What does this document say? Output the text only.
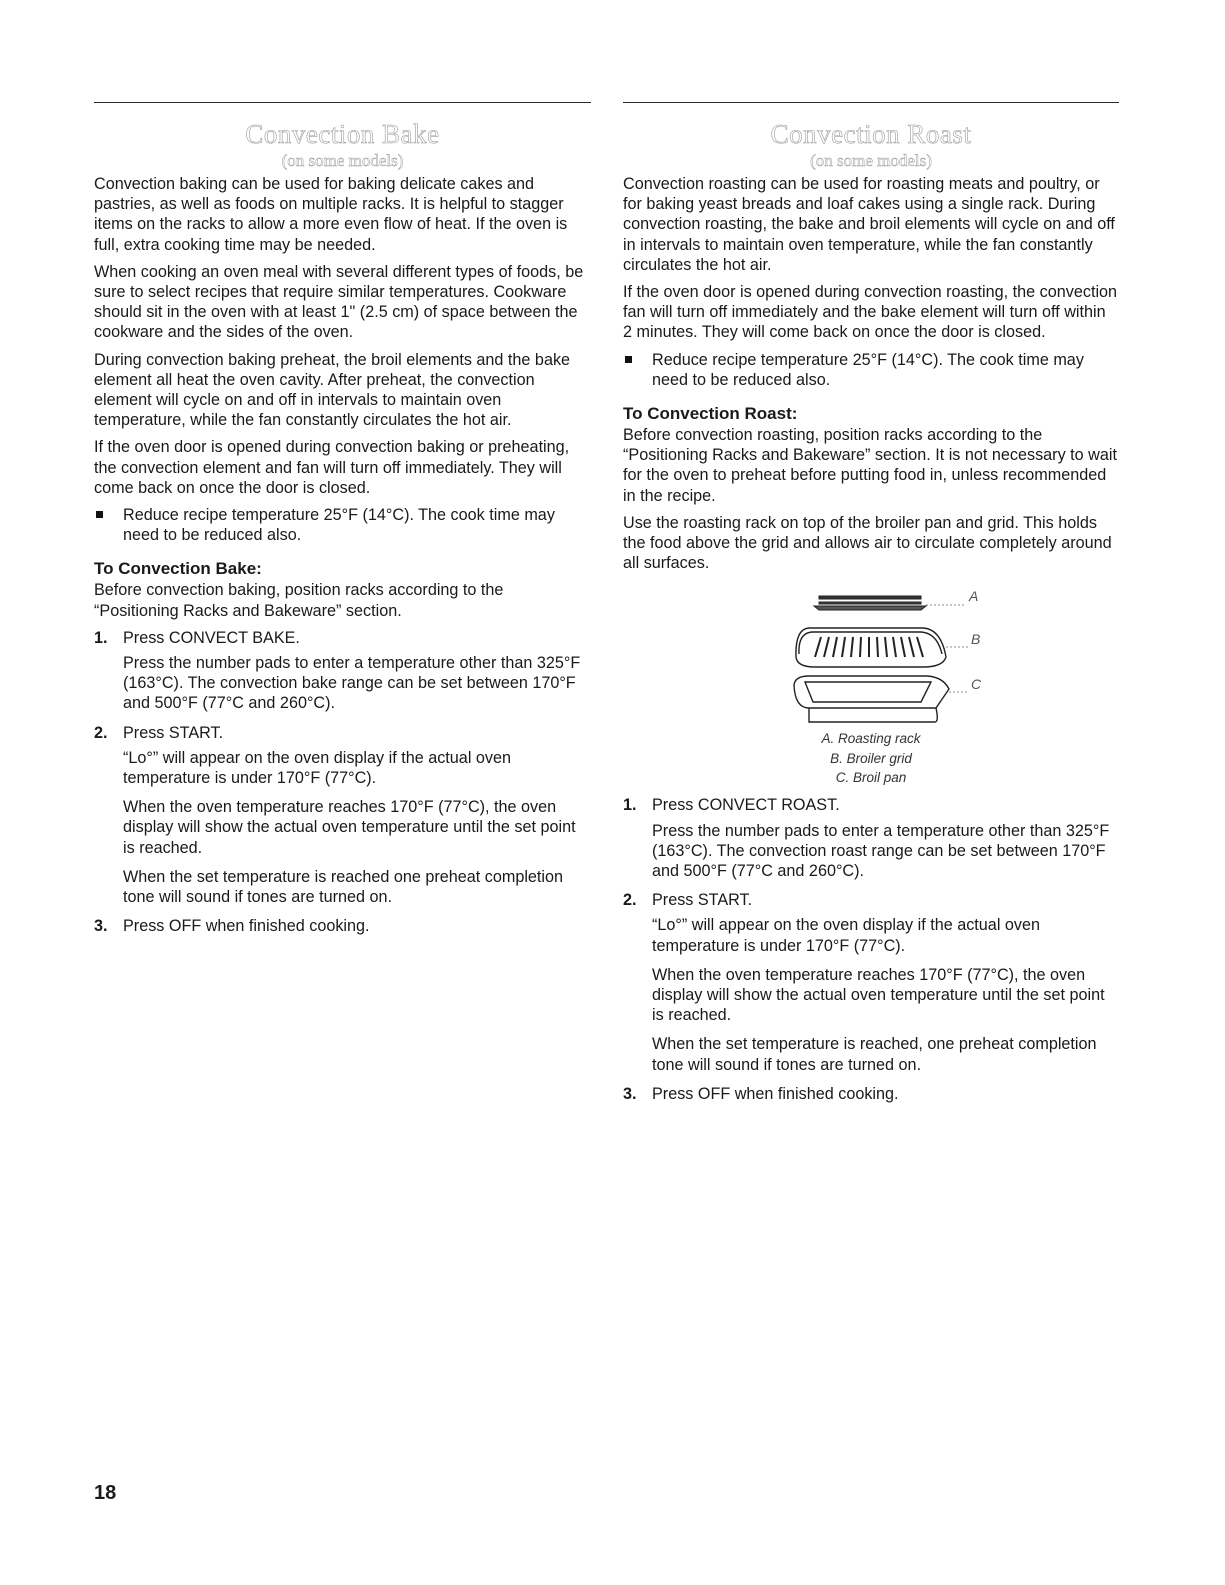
Convection Bake
(on some models)

Convection baking can be used for baking delicate cakes and pastries, as well as foods on multiple racks. It is helpful to stagger items on the racks to allow a more even flow of heat. If the oven is full, extra cooking time may be needed.

When cooking an oven meal with several different types of foods, be sure to select recipes that require similar temperatures. Cookware should sit in the oven with at least 1" (2.5 cm) of space between the cookware and the sides of the oven.

During convection baking preheat, the broil elements and the bake element all heat the oven cavity. After preheat, the convection element will cycle on and off in intervals to maintain oven temperature, while the fan constantly circulates the hot air.

If the oven door is opened during convection baking or preheating, the convection element and fan will turn off immediately. They will come back on once the door is closed.

Reduce recipe temperature 25°F (14°C). The cook time may need to be reduced also.
To Convection Bake:

Before convection baking, position racks according to the “Positioning Racks and Bakeware” section.

1. Press CONVECT BAKE.

Press the number pads to enter a temperature other than 325°F (163°C). The convection bake range can be set between 170°F and 500°F (77°C and 260°C).

2. Press START.

“Lo°” will appear on the oven display if the actual oven temperature is under 170°F (77°C).

When the oven temperature reaches 170°F (77°C), the oven display will show the actual oven temperature until the set point is reached.

When the set temperature is reached one preheat completion tone will sound if tones are turned on.

3. Press OFF when finished cooking.
Convection Roast
(on some models)

Convection roasting can be used for roasting meats and poultry, or for baking yeast breads and loaf cakes using a single rack. During convection roasting, the bake and broil elements will cycle on and off in intervals to maintain oven temperature, while the fan constantly circulates the hot air.

If the oven door is opened during convection roasting, the convection fan will turn off immediately and the bake element will turn off within 2 minutes. They will come back on once the door is closed.

Reduce recipe temperature 25°F (14°C). The cook time may need to be reduced also.
To Convection Roast:

Before convection roasting, position racks according to the “Positioning Racks and Bakeware” section. It is not necessary to wait for the oven to preheat before putting food in, unless recommended in the recipe.

Use the roasting rack on top of the broiler pan and grid. This holds the food above the grid and allows air to circulate completely around all surfaces.

A
B
C
A. Roasting rack
B. Broiler grid
C. Broil pan
1. Press CONVECT ROAST.

Press the number pads to enter a temperature other than 325°F (163°C). The convection roast range can be set between 170°F and 500°F (77°C and 260°C).

2. Press START.

“Lo°” will appear on the oven display if the actual oven temperature is under 170°F (77°C).

When the oven temperature reaches 170°F (77°C), the oven display will show the actual oven temperature until the set point is reached.

When the set temperature is reached, one preheat completion tone will sound if tones are turned on.

3. Press OFF when finished cooking.
18
